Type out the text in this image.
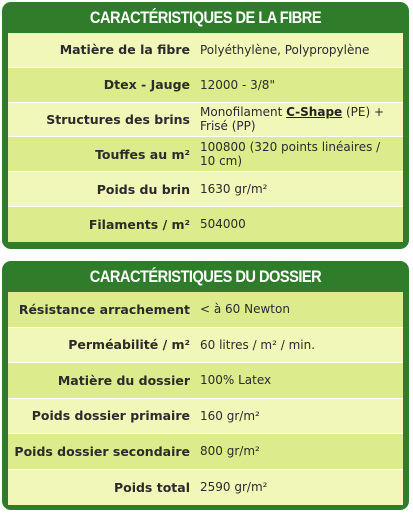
CARACTÉRISTIQUES DE LA FIBRE
Matière de la fibre Polyéthylène, Polypropylène
Dtex - Jauge 12000 - 3/8"
Structures des brins Monofilament C-Shape (PE) + Frisé (PP)
Touffes au m² 100800 (320 points linéaires / 10 cm)
Poids du brin 1630 gr/m²
Filaments / m² 504000
CARACTÉRISTIQUES DU DOSSIER
Résistance arrachement < à 60 Newton
Perméabilité / m² 60 litres / m² / min.
Matière du dossier 100% Latex
Poids dossier primaire 160 gr/m²
Poids dossier secondaire 800 gr/m²
Poids total 2590 gr/m²
